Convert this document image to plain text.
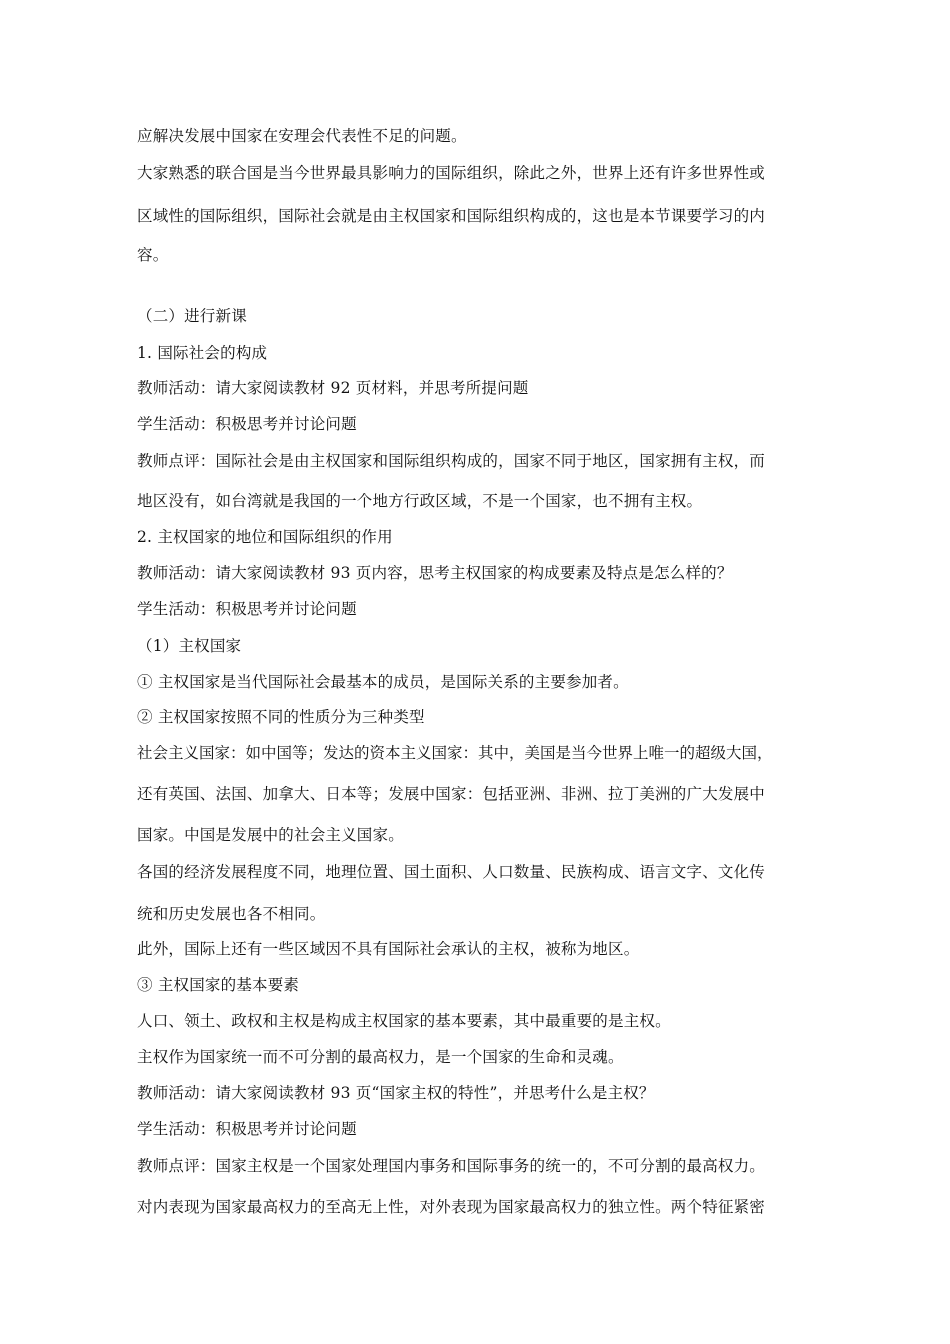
应解决发展中国家在安理会代表性不足的问题。
大家熟悉的联合国是当今世界最具影响力的国际组织，除此之外，世界上还有许多世界性或
区域性的国际组织，国际社会就是由主权国家和国际组织构成的，这也是本节课要学习的内
容。
（二）进行新课
1. 国际社会的构成
教师活动：请大家阅读教材 92 页材料，并思考所提问题
学生活动：积极思考并讨论问题
教师点评：国际社会是由主权国家和国际组织构成的，国家不同于地区，国家拥有主权，而
地区没有，如台湾就是我国的一个地方行政区域，不是一个国家，也不拥有主权。
2. 主权国家的地位和国际组织的作用
教师活动：请大家阅读教材 93 页内容，思考主权国家的构成要素及特点是怎么样的？
学生活动：积极思考并讨论问题
（1）主权国家
① 主权国家是当代国际社会最基本的成员，是国际关系的主要参加者。
② 主权国家按照不同的性质分为三种类型
社会主义国家：如中国等；发达的资本主义国家：其中，美国是当今世界上唯一的超级大国，
还有英国、法国、加拿大、日本等；发展中国家：包括亚洲、非洲、拉丁美洲的广大发展中
国家。中国是发展中的社会主义国家。
各国的经济发展程度不同，地理位置、国土面积、人口数量、民族构成、语言文字、文化传
统和历史发展也各不相同。
此外，国际上还有一些区域因不具有国际社会承认的主权，被称为地区。
③ 主权国家的基本要素
人口、领土、政权和主权是构成主权国家的基本要素，其中最重要的是主权。
主权作为国家统一而不可分割的最高权力，是一个国家的生命和灵魂。
教师活动：请大家阅读教材 93 页“国家主权的特性”，并思考什么是主权？
学生活动：积极思考并讨论问题
教师点评：国家主权是一个国家处理国内事务和国际事务的统一的，不可分割的最高权力。
对内表现为国家最高权力的至高无上性，对外表现为国家最高权力的独立性。两个特征紧密
